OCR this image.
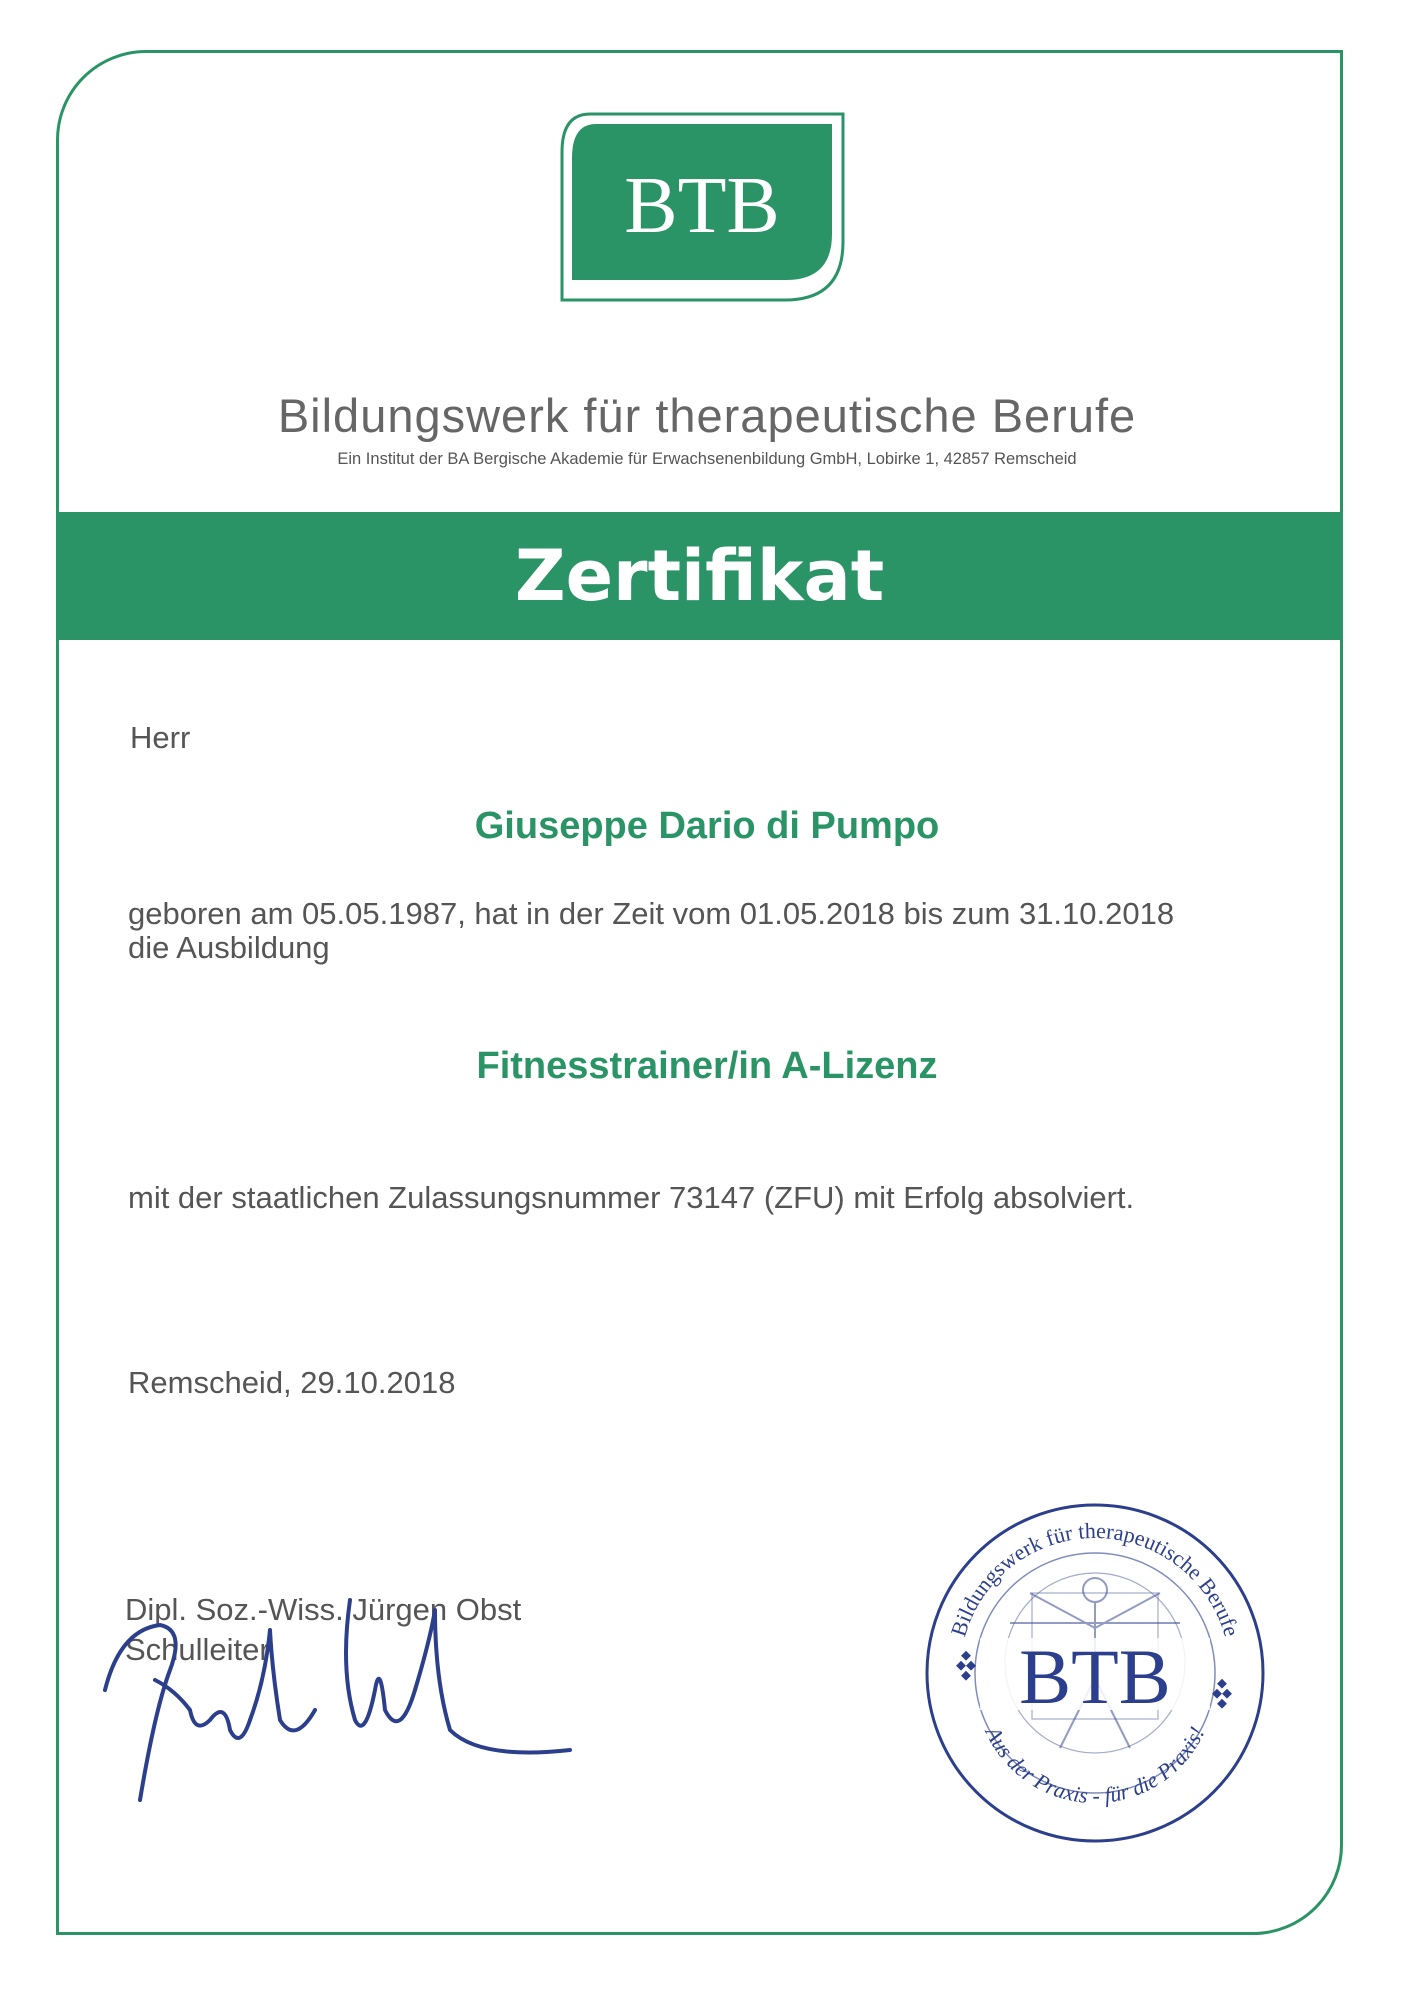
BTB
Bildungswerk für therapeutische Berufe
Ein Institut der BA Bergische Akademie für Erwachsenenbildung GmbH, Lobirke 1, 42857 Remscheid
Zertifikat
Herr
Giuseppe Dario di Pumpo
geboren am 05.05.1987, hat in der Zeit vom 01.05.2018 bis zum 31.10.2018
die Ausbildung
Fitnesstrainer/in A-Lizenz
mit der staatlichen Zulassungsnummer 73147 (ZFU) mit Erfolg absolviert.
Remscheid, 29.10.2018
Dipl. Soz.-Wiss. Jürgen Obst
Schulleiter	BTB
Bildungswerk für therapeutische Berufe
Aus der Praxis - für die Praxis!
